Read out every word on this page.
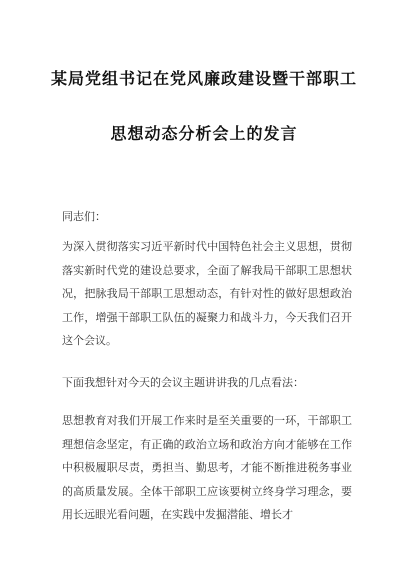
某局党组书记在党风廉政建设暨干部职工
思想动态分析会上的发言

同志们：

为深入贯彻落实习近平新时代中国特色社会主义思想，贯彻落实新时代党的建设总要求，全面了解我局干部职工思想状况，把脉我局干部职工思想动态，有针对性的做好思想政治工作，增强干部职工队伍的凝聚力和战斗力，今天我们召开这个会议。

下面我想针对今天的会议主题讲讲我的几点看法：

思想教育对我们开展工作来时是至关重要的一环，干部职工理想信念坚定，有正确的政治立场和政治方向才能够在工作中积极履职尽责，勇担当、勤思考，才能不断推进税务事业的高质量发展。全体干部职工应该要树立终身学习理念，要用长远眼光看问题，在实践中发掘潜能、增长才
